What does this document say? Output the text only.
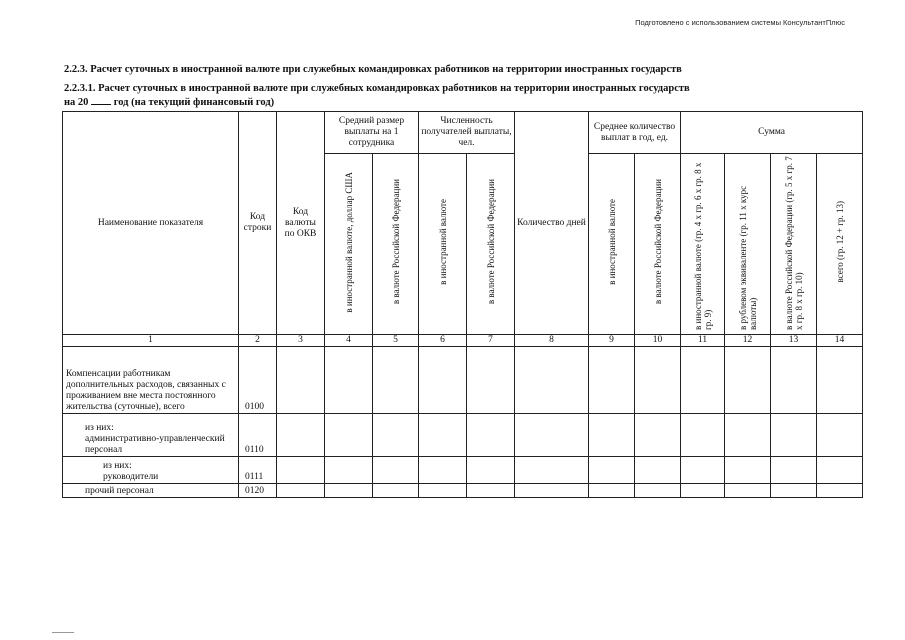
Подготовлено с использованием системы КонсультантПлюс
2.2.3. Расчет суточных в иностранной валюте при служебных командировках работников на территории иностранных государств
2.2.3.1. Расчет суточных в иностранной валюте при служебных командировках работников на территории иностранных государств
на 20 год (на текущий финансовый год)
Наименование показателя	Код строки	Код валюты по ОКВ	Средний размер выплаты на 1 сотрудника		Численность получателей выплаты, чел.		Количество дней	Среднее количество выплат в год, ед.		Сумма			
			в иностранной валюте, доллар США	в валюте Российской Федерации	в иностранной валюте	в валюте Российской Федерации		в иностранной валюте	в валюте Российской Федерации	в иностранной валюте (гр. 4 x гр. 6 x гр. 8 x гр. 9)	в рублевом эквиваленте (гр. 11 x курс валюты)	в валюте Российской Федерации (гр. 5 x гр. 7 x гр. 8 x гр. 10)	всего (гр. 12 + гр. 13)
1	2	3	4	5	6	7	8	9	10	11	12	13	14
Компенсации работникам дополнительных расходов, связанных с проживанием вне места постоянного жительства (суточные), всего	0100												

из них:
административно-управленческий персонал	0110												

из них:
руководители	0111												
прочий персонал	0120												
